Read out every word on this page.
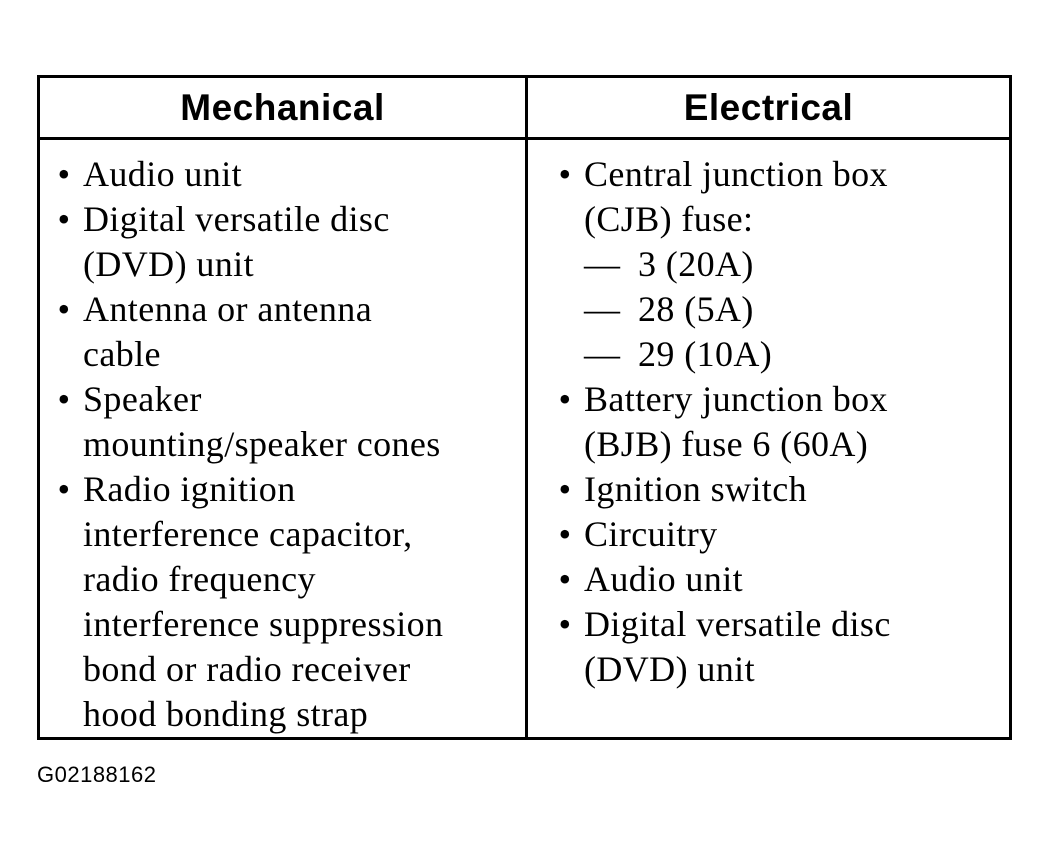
Mechanical	Electrical
• Audio unit
• Digital versatile disc
(DVD) unit
• Antenna or antenna
cable
• Speaker
mounting/speaker cones
• Radio ignition
interference capacitor,
radio frequency
interference suppression
bond or radio receiver
hood bonding strap
• Central junction box
(CJB) fuse:
— 3 (20A)
— 28 (5A)
— 29 (10A)
• Battery junction box
(BJB) fuse 6 (60A)
• Ignition switch
• Circuitry
• Audio unit
• Digital versatile disc
(DVD) unit
G02188162
